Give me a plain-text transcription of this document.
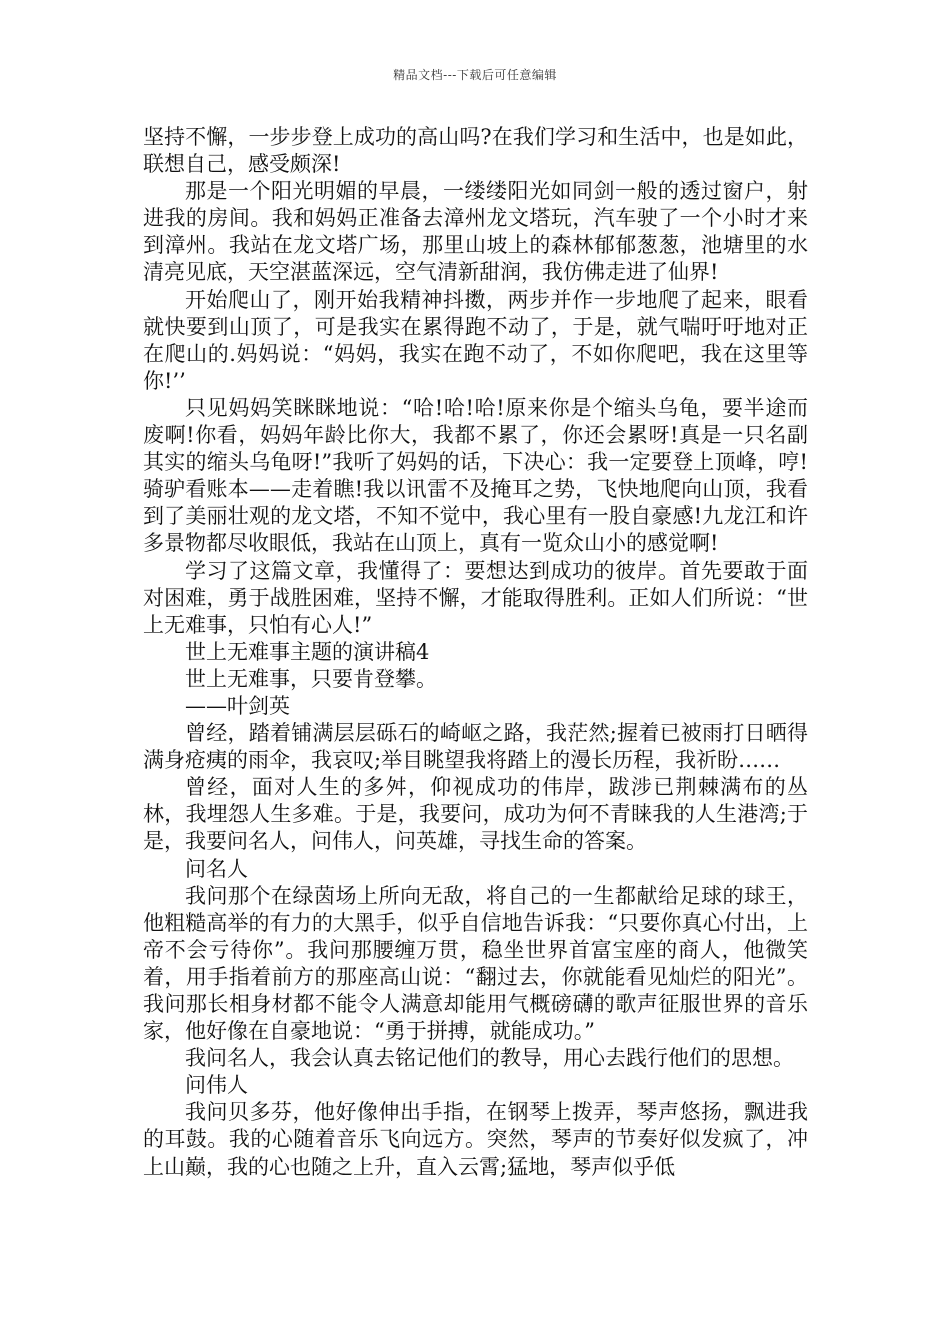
精品文档---下载后可任意编辑

坚持不懈，一步步登上成功的高山吗?在我们学习和生活中，也是如此，联想自己，感受颇深!

那是一个阳光明媚的早晨，一缕缕阳光如同剑一般的透过窗户，射进我的房间。我和妈妈正准备去漳州龙文塔玩，汽车驶了一个小时才来到漳州。我站在龙文塔广场，那里山坡上的森林郁郁葱葱，池塘里的水清亮见底，天空湛蓝深远，空气清新甜润，我仿佛走进了仙界!

开始爬山了，刚开始我精神抖擞，两步并作一步地爬了起来，眼看就快要到山顶了，可是我实在累得跑不动了，于是，就气喘吁吁地对正在爬山的.妈妈说：“妈妈，我实在跑不动了，不如你爬吧，我在这里等你!’’

只见妈妈笑眯眯地说：“哈!哈!哈!原来你是个缩头乌龟，要半途而废啊!你看，妈妈年龄比你大，我都不累了，你还会累呀!真是一只名副其实的缩头乌龟呀!”我听了妈妈的话，下决心：我一定要登上顶峰，哼!骑驴看账本——走着瞧!我以讯雷不及掩耳之势，飞快地爬向山顶，我看到了美丽壮观的龙文塔，不知不觉中，我心里有一股自豪感!九龙江和许多景物都尽收眼低，我站在山顶上，真有一览众山小的感觉啊!

学习了这篇文章，我懂得了：要想达到成功的彼岸。首先要敢于面对困难，勇于战胜困难，坚持不懈，才能取得胜利。正如人们所说：“世上无难事，只怕有心人!”

世上无难事主题的演讲稿4

世上无难事，只要肯登攀。

——叶剑英

曾经，踏着铺满层层砾石的崎岖之路，我茫然;握着已被雨打日晒得满身疮痍的雨伞，我哀叹;举目眺望我将踏上的漫长历程，我祈盼……

曾经，面对人生的多舛，仰视成功的伟岸，跋涉已荆棘满布的丛林，我埋怨人生多难。于是，我要问，成功为何不青睐我的人生港湾;于是，我要问名人，问伟人，问英雄，寻找生命的答案。

问名人

我问那个在绿茵场上所向无敌，将自己的一生都献给足球的球王，他粗糙高举的有力的大黑手，似乎自信地告诉我：“只要你真心付出，上帝不会亏待你”。我问那腰缠万贯，稳坐世界首富宝座的商人，他微笑着，用手指着前方的那座高山说：“翻过去，你就能看见灿烂的阳光”。我问那长相身材都不能令人满意却能用气概磅礴的歌声征服世界的音乐家，他好像在自豪地说：“勇于拼搏，就能成功。”

我问名人，我会认真去铭记他们的教导，用心去践行他们的思想。

问伟人

我问贝多芬，他好像伸出手指，在钢琴上拨弄，琴声悠扬，飘进我的耳鼓。我的心随着音乐飞向远方。突然，琴声的节奏好似发疯了，冲上山巅，我的心也随之上升，直入云霄;猛地，琴声似乎低
